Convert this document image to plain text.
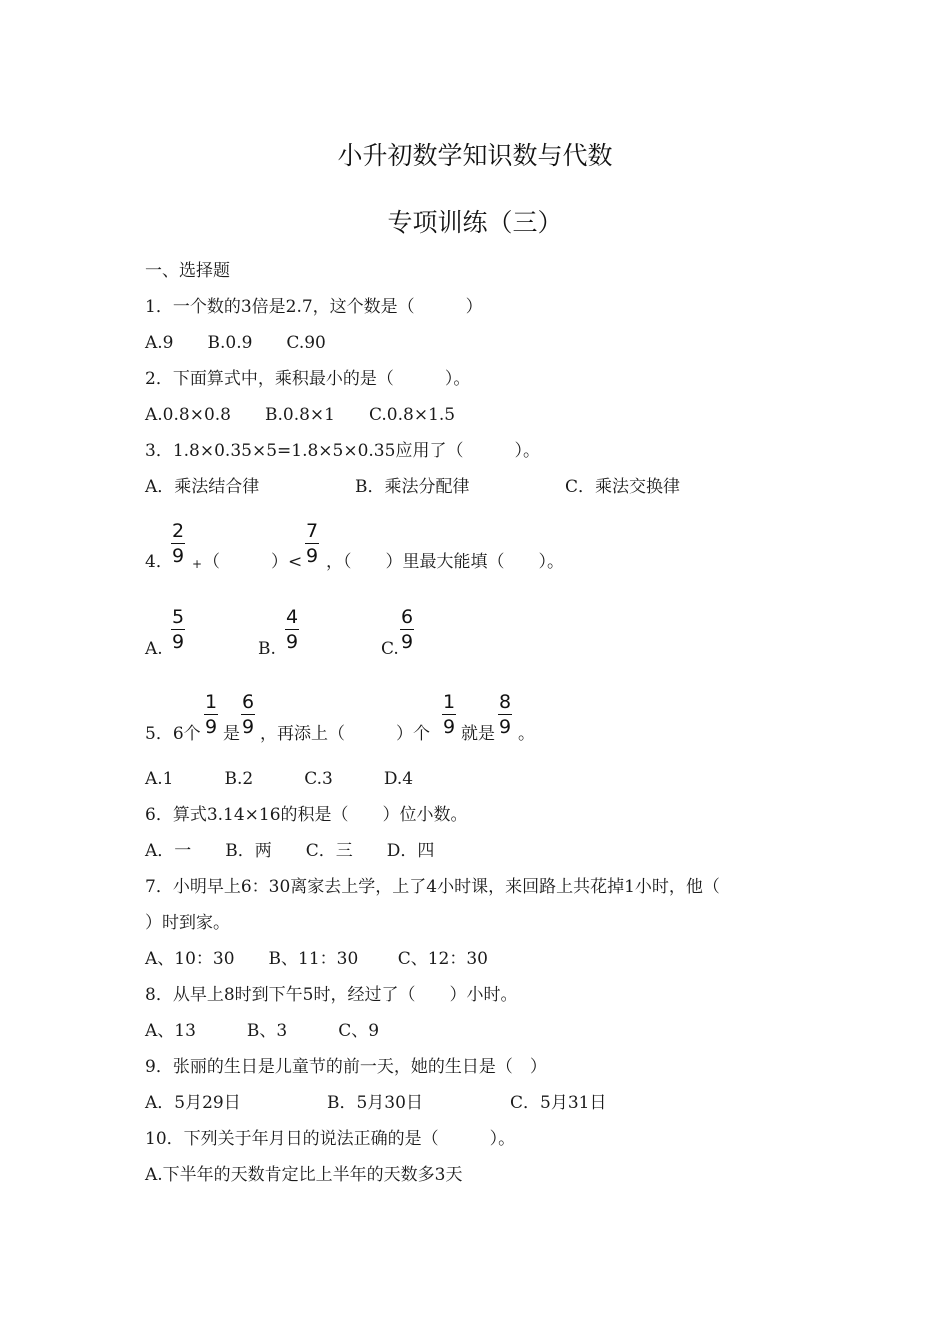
小升初数学知识数与代数
专项训练（三）
一、选择题
1．一个数的3倍是2.7，这个数是（　　　）
A.9　　B.0.9　　C.90
2．下面算式中，乘积最小的是（　　　）。
A.0.8×0.8　　B.0.8×1　　C.0.8×1.5
3．1.8×0.35×5=1.8×5×0.35应用了（　　　）。
A．乘法结合律	B．乘法分配律	C．乘法交换律
4．
$\frac{2}{9}$ + （　　　）< $\frac{7}{9}$ ，（　　）里最大能填（　　）。
A. $\frac{5}{9}$	B. $\frac{4}{9}$	C. $\frac{6}{9}$
5．6个 $\frac{1}{9}$ 是 $\frac{6}{9}$ ，再添上（　　　）个 $\frac{1}{9}$ 就是 $\frac{8}{9}$ 。
A.1　　　B.2　　　C.3　　　D.4
6．算式3.14×16的积是（　　）位小数。
A．一　　B．两　　C．三　　D．四
7．小明早上6：30离家去上学，上了4小时课，来回路上共花掉1小时，他（
）时到家。
A、10：30　　B、11：30　　 C、12：30
8．从早上8时到下午5时，经过了（　　）小时。
A、13　　　B、3　　　C、9
9．张丽的生日是儿童节的前一天，她的生日是（　）
A．5月29日	B．5月30日	C．5月31日
10．下列关于年月日的说法正确的是（　　　）。
A.下半年的天数肯定比上半年的天数多3天
